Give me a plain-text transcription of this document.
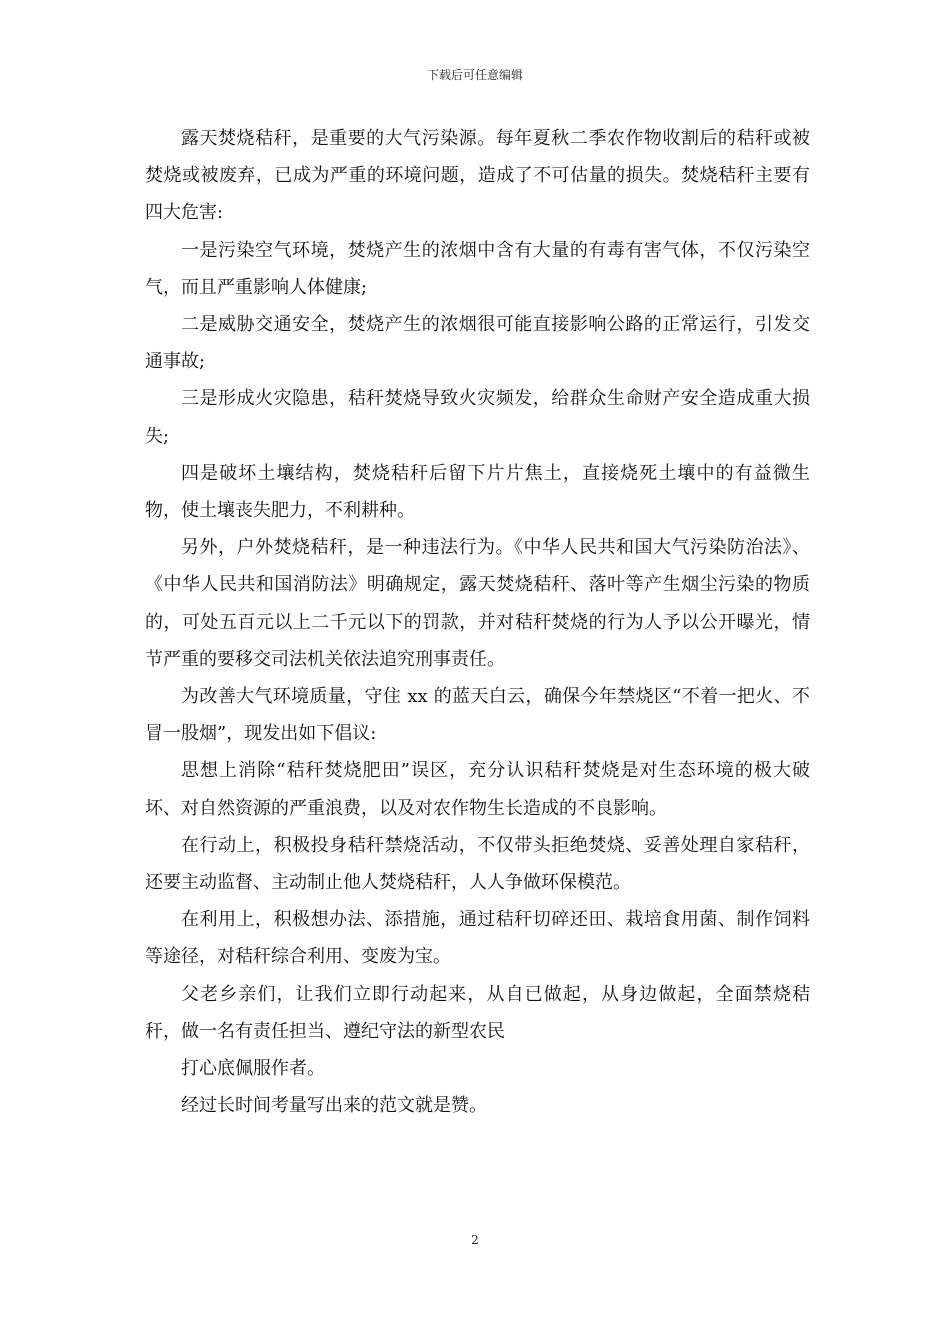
下载后可任意编辑

露天焚烧秸秆，是重要的大气污染源。每年夏秋二季农作物收割后的秸秆或被焚烧或被废弃，已成为严重的环境问题，造成了不可估量的损失。焚烧秸秆主要有四大危害:

一是污染空气环境，焚烧产生的浓烟中含有大量的有毒有害气体，不仅污染空气，而且严重影响人体健康;

二是威胁交通安全，焚烧产生的浓烟很可能直接影响公路的正常运行，引发交通事故;

三是形成火灾隐患，秸秆焚烧导致火灾频发，给群众生命财产安全造成重大损失;

四是破坏土壤结构，焚烧秸秆后留下片片焦土，直接烧死土壤中的有益微生物，使土壤丧失肥力，不利耕种。

另外，户外焚烧秸秆，是一种违法行为。《中华人民共和国大气污染防治法》、《中华人民共和国消防法》明确规定，露天焚烧秸秆、落叶等产生烟尘污染的物质的，可处五百元以上二千元以下的罚款，并对秸秆焚烧的行为人予以公开曝光，情节严重的要移交司法机关依法追究刑事责任。

为改善大气环境质量，守住 xx 的蓝天白云，确保今年禁烧区“不着一把火、不冒一股烟”，现发出如下倡议:

思想上消除“秸秆焚烧肥田”误区，充分认识秸秆焚烧是对生态环境的极大破坏、对自然资源的严重浪费，以及对农作物生长造成的不良影响。

在行动上，积极投身秸秆禁烧活动，不仅带头拒绝焚烧、妥善处理自家秸秆，还要主动监督、主动制止他人焚烧秸秆，人人争做环保模范。

在利用上，积极想办法、添措施，通过秸秆切碎还田、栽培食用菌、制作饲料等途径，对秸秆综合利用、变废为宝。

父老乡亲们，让我们立即行动起来，从自已做起，从身边做起，全面禁烧秸秆，做一名有责任担当、遵纪守法的新型农民

打心底佩服作者。

经过长时间考量写出来的范文就是赞。

2
